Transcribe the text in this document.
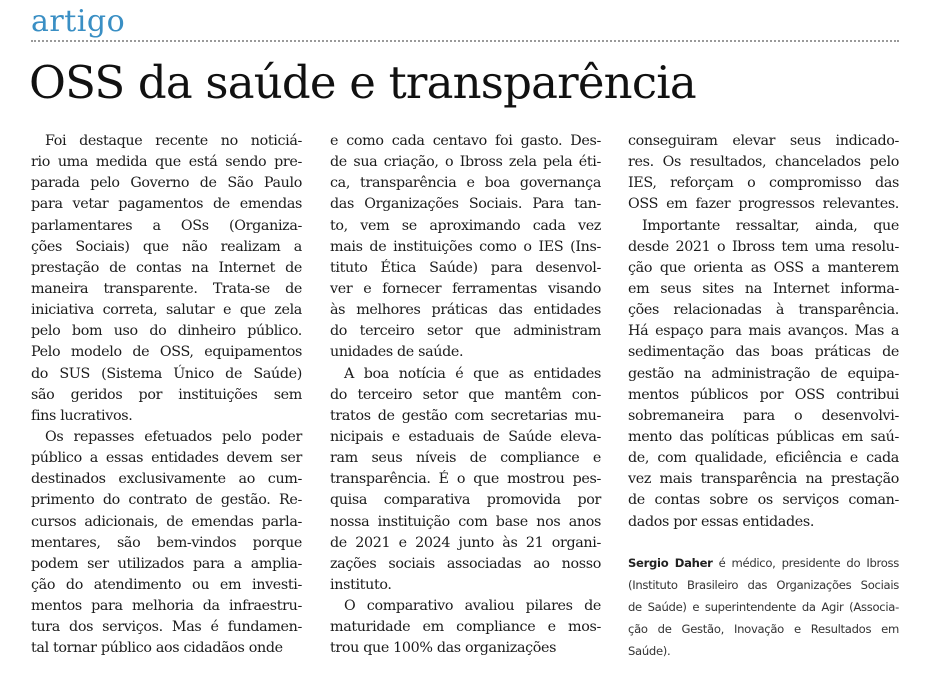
artigo
OSS da saúde e transparência
Foi destaque recente no noticiá-
rio uma medida que está sendo pre-
parada pelo Governo de São Paulo
para vetar pagamentos de emendas
parlamentares a OSs (Organiza-
ções Sociais) que não realizam a
prestação de contas na Internet de
maneira transparente. Trata-se de
iniciativa correta, salutar e que zela
pelo bom uso do dinheiro público.
Pelo modelo de OSS, equipamentos
do SUS (Sistema Único de Saúde)
são geridos por instituições sem
fins lucrativos.
Os repasses efetuados pelo poder
público a essas entidades devem ser
destinados exclusivamente ao cum-
primento do contrato de gestão. Re-
cursos adicionais, de emendas parla-
mentares, são bem-vindos porque
podem ser utilizados para a amplia-
ção do atendimento ou em investi-
mentos para melhoria da infraestru-
tura dos serviços. Mas é fundamen-
tal tornar público aos cidadãos onde
e como cada centavo foi gasto. Des-
de sua criação, o Ibross zela pela éti-
ca, transparência e boa governança
das Organizações Sociais. Para tan-
to, vem se aproximando cada vez
mais de instituições como o IES (Ins-
tituto Ética Saúde) para desenvol-
ver e fornecer ferramentas visando
às melhores práticas das entidades
do terceiro setor que administram
unidades de saúde.
A boa notícia é que as entidades
do terceiro setor que mantêm con-
tratos de gestão com secretarias mu-
nicipais e estaduais de Saúde eleva-
ram seus níveis de compliance e
transparência. É o que mostrou pes-
quisa comparativa promovida por
nossa instituição com base nos anos
de 2021 e 2024 junto às 21 organi-
zações sociais associadas ao nosso
instituto.
O comparativo avaliou pilares de
maturidade em compliance e mos-
trou que 100% das organizações
conseguiram elevar seus indicado-
res. Os resultados, chancelados pelo
IES, reforçam o compromisso das
OSS em fazer progressos relevantes.
Importante ressaltar, ainda, que
desde 2021 o Ibross tem uma resolu-
ção que orienta as OSS a manterem
em seus sites na Internet informa-
ções relacionadas à transparência.
Há espaço para mais avanços. Mas a
sedimentação das boas práticas de
gestão na administração de equipa-
mentos públicos por OSS contribui
sobremaneira para o desenvolvi-
mento das políticas públicas em saú-
de, com qualidade, eficiência e cada
vez mais transparência na prestação
de contas sobre os serviços coman-
dados por essas entidades.
Sergio Daher é médico, presidente do Ibross
(Instituto Brasileiro das Organizações Sociais
de Saúde) e superintendente da Agir (Associa-
ção de Gestão, Inovação e Resultados em
Saúde).
